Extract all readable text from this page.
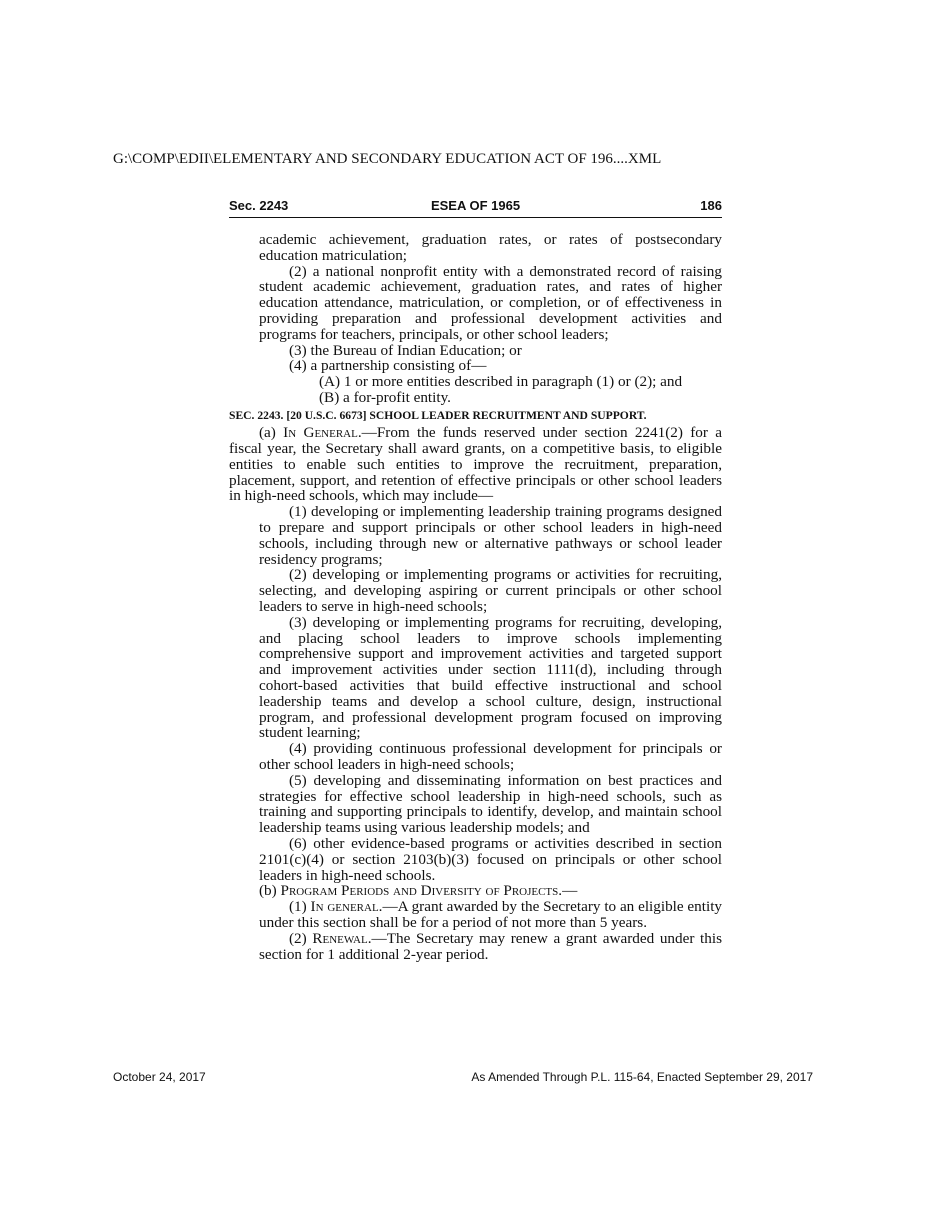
G:\COMP\EDII\ELEMENTARY AND SECONDARY EDUCATION ACT OF 196....XML
Sec. 2243	ESEA OF 1965	186

academic achievement, graduation rates, or rates of postsecondary education matriculation;

(2) a national nonprofit entity with a demonstrated record of raising student academic achievement, graduation rates, and rates of higher education attendance, matriculation, or completion, or of effectiveness in providing preparation and professional development activities and programs for teachers, principals, or other school leaders;

(3) the Bureau of Indian Education; or

(4) a partnership consisting of—

(A) 1 or more entities described in paragraph (1) or (2); and

(B) a for-profit entity.

SEC. 2243. [20 U.S.C. 6673] SCHOOL LEADER RECRUITMENT AND SUPPORT.

(a) In General.—From the funds reserved under section 2241(2) for a fiscal year, the Secretary shall award grants, on a competitive basis, to eligible entities to enable such entities to improve the recruitment, preparation, placement, support, and retention of effective principals or other school leaders in high-need schools, which may include—

(1) developing or implementing leadership training programs designed to prepare and support principals or other school leaders in high-need schools, including through new or alternative pathways or school leader residency programs;

(2) developing or implementing programs or activities for recruiting, selecting, and developing aspiring or current principals or other school leaders to serve in high-need schools;

(3) developing or implementing programs for recruiting, developing, and placing school leaders to improve schools implementing comprehensive support and improvement activities and targeted support and improvement activities under section 1111(d), including through cohort-based activities that build effective instructional and school leadership teams and develop a school culture, design, instructional program, and professional development program focused on improving student learning;

(4) providing continuous professional development for principals or other school leaders in high-need schools;

(5) developing and disseminating information on best practices and strategies for effective school leadership in high-need schools, such as training and supporting principals to identify, develop, and maintain school leadership teams using various leadership models; and

(6) other evidence-based programs or activities described in section 2101(c)(4) or section 2103(b)(3) focused on principals or other school leaders in high-need schools.

(b) Program Periods and Diversity of Projects.—

(1) In general.—A grant awarded by the Secretary to an eligible entity under this section shall be for a period of not more than 5 years.

(2) Renewal.—The Secretary may renew a grant awarded under this section for 1 additional 2-year period.

October 24, 2017	As Amended Through P.L. 115-64, Enacted September 29, 2017
